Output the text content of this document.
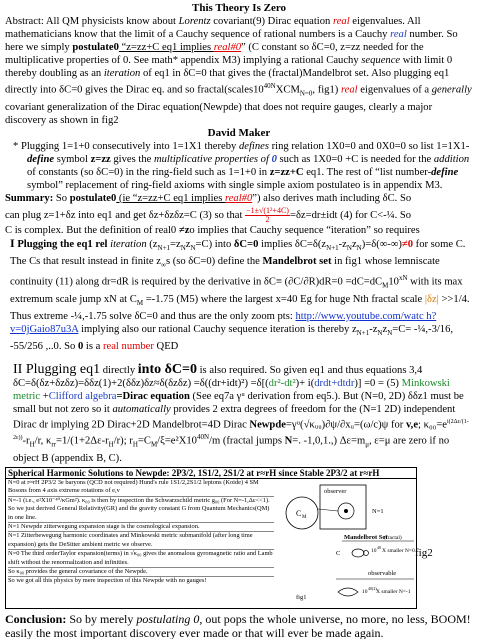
This Theory Is Zero

Abstract: All QM physicists know about Lorentz covariant(9) Dirac equation real eigenvalues. All mathematicians know that the limit of a Cauchy sequence of rational numbers is a Cauchy real number. So here we simply postulate0 “z=zz+C eq1 implies real#0” (C constant so δC=0, z=zz needed for the multiplicative properties of 0. See math* appendix M3) implying a rational Cauchy sequence with limit 0 thereby doubling as an iteration of eq1 in δC=0 that gives the (fractal)Mandelbrot set. Also plugging eq1 directly into δC=0 gives the Dirac eq. and so $fractal(scales10^{40N}XCM_{N=0}$, fig1) real eigenvalues of a generally covariant generalization of the Dirac equation(Newpde) that does not require gauges, clearly a major discovery as shown in fig2

David Maker

* Plugging 1=1+0 consecutively into 1=1X1 thereby defines ring relation 1X0=0 and 0X0=0 so list 1=1X1-define symbol z=zz gives the multiplicative properties of 0 such as 1X0=0 +C is needed for the addition of constants (so δC=0) in the ring-field such as 1=1+0 in z=zz+C eq1. The rest of “list number-define symbol” replacement of ring-field axioms with single simple axiom postulateo is in appendix M3.

Summary: So postulate0 (ie “z=zz+C eq1 implies real#0”) also derives math including δC. So

can plug z=1+δz into eq1 and get δz+δzδz=C (3) so that $\frac{\text{−1±√(1²+4C)}}{2} =\delta z=dr\pm idt$ (4) for C<-¼. So

C is complex. But the definition of real0 ≠zo implies that Cauchy sequence “iteration” so requires

I Plugging the eq1 rel iteration $(z_{N+1}=z_Nz_N=C)$ into δC=0 implies $\delta C=\delta(z_{N+1}-z_Nz_N)=\delta(\infty-\infty)\ne 0$ for some C. The Cs that result instead in finite $z_\infty s$ (so δC=0) define the Mandelbrot set in fig1 whose lemniscate continuity (11) along dr=dR is required by the derivative in $\delta C\equiv (\partial C/\partial R)dR=0 =dC=dC_M10^{xN}$ with its max extremum scale jump xN at $C_M =-1.75$ (M5) where the largest x=40 Eg for huge Nth fractal scale |δz| >>1/4. Thus extreme -¼,-1.75 solve δC=0 and thus are the only zoom pts: http://www.youtube.com/watc h?v=0jGaio87u3A implying also our rational Cauchy sequence iteration is thereby $z_{N+1}-z_Nz_N=C=$ -¼,-3/16, -55/256 ,..0. So 0 is a real number QED

II Plugging eq1 directly into δC=0 is also required. So given eq1 and thus equations 3,4 δC=δ(δz+δzδz)=δδz(1)+2(δδz)δz≈δ(δzδz) =δ((dr+idt)²) =δ[(dr²-dt²)+ i(drdt+dtdr)] =0 = (5) Minkowski metric +Clifford algebra=Dirac equation (See eq7a γᵘ derivation from eq5.). But (N=0, 2D) δδz1 must be small but not zero so it automatically provides 2 extra degrees of freedom for the (N=1 2D) independent Dirac dr implying 2D Dirac+2D Mandelbrot=4D Dirac Newpde=γᵘ(√κᵤᵤ)∂ψ/∂xᵤ=(ω/c)ψ for v,e; $\kappa_{00}=e^{i(2\Delta\varepsilon/(1-2\varepsilon))}-r_H/r$, $\kappa_{rr}=1/(1+2\Delta\varepsilon-r_H/r)$; $r_H=C_M/\xi=e^2X10^{40N}/m$ (fractal jumps N=. -1,0,1.,) $\Delta\varepsilon=m_\mu$, ε=μ are zero if no object B (appendix B, C).

Spherical Harmonic Solutions to Newpde: 2P3/2, 1S1/2, 2S1/2 at r≈rH since Stable 2P3/2 at r≈rH
N=0 at r≈rH 2P3/2 3e baryons (QCD not required) Hund's rule 1S1/2,2S1/2 leptons (Koide) 4 SM Bosons from 4 axis extreme rotations of e,v
N=-1 (i.e., e²X10⁻⁴⁰/κGm²). κ₀₀ is then by inspection the Schwarzschild metric g₀₀ (For N=-1,Δε<<1). So we just derived General Relativity(GR) and the gravity constant G from Quantum Mechanics(QM) in one line.
N=1 Newpde zitterwegung expansion stage is the cosmological expansion.
N=1 Zitterbewegung harmonic coordinates and Minkowski metric submanifold (after long time expansion) gets the DeSitter ambient metric we observe.
N=0 The third orderTaylor expansion(terms) in √κ₀₀ gives the anomalous gyromagnetic ratio and Lamb shift without the renormalization and infinities.
So κ₀₀ provides the general covariance of the Newpde.
So we got all this physics by mere inspection of this Newpde with no gauges!
C M
observer
N=1
Mandelbrot Set
(fractal)
C	10
40
X smaller N=0
observable
fig1
10
40(2)
X smaller N=-1
fig2

Conclusion: So by merely postulating 0, out pops the whole universe, no more, no less, BOOM! easily the most important discovery ever made or that will ever be made again.
